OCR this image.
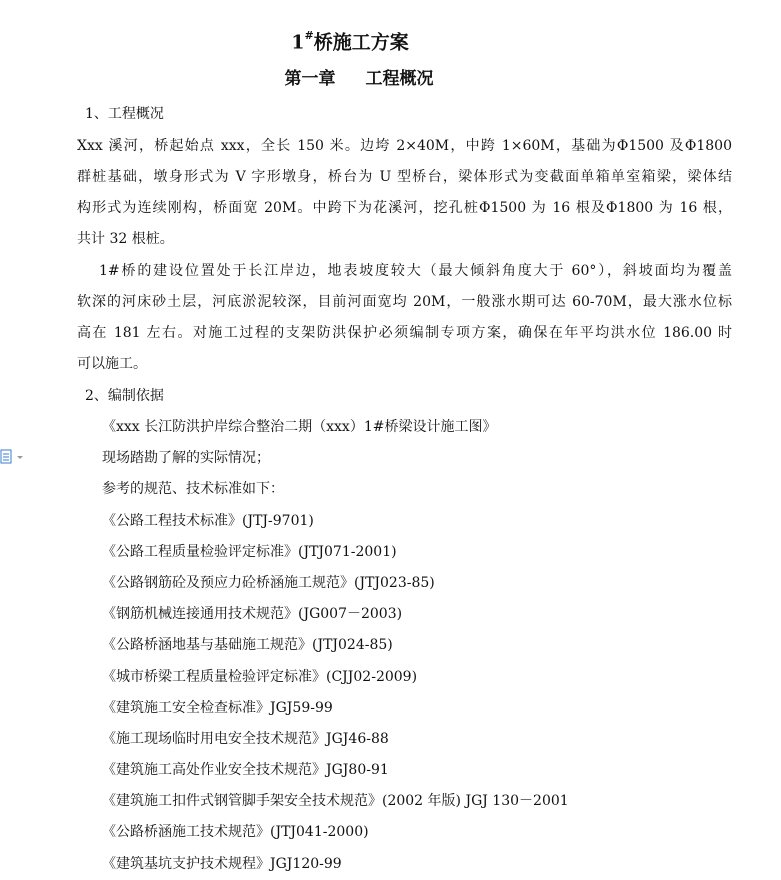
1#桥施工方案
第一章 工程概况
1、工程概况
Xxx 溪河，桥起始点 xxx，全长 150 米。边垮 2×40M，中跨 1×60M，基础为Φ1500 及Φ1800
群桩基础，墩身形式为 V 字形墩身，桥台为 U 型桥台，梁体形式为变截面单箱单室箱梁，梁体结
构形式为连续刚构，桥面宽 20M。中跨下为花溪河，挖孔桩Φ1500 为 16 根及Φ1800 为 16 根，
共计 32 根桩。
1#桥的建设位置处于长江岸边，地表坡度较大（最大倾斜角度大于 60°），斜坡面均为覆盖
软深的河床砂土层，河底淤泥较深，目前河面宽均 20M，一般涨水期可达 60-70M，最大涨水位标
高在 181 左右。对施工过程的支架防洪保护必须编制专项方案，确保在年平均洪水位 186.00 时
可以施工。
2、编制依据
《xxx 长江防洪护岸综合整治二期（xxx）1#桥梁设计施工图》
现场踏勘了解的实际情况；
参考的规范、技术标准如下：
《公路工程技术标准》(JTJ-9701)
《公路工程质量检验评定标准》(JTJ071-2001)
《公路钢筋砼及预应力砼桥涵施工规范》(JTJ023-85)
《钢筋机械连接通用技术规范》(JG007－2003)
《公路桥涵地基与基础施工规范》(JTJ024-85)
《城市桥梁工程质量检验评定标准》(CJJ02-2009)
《建筑施工安全检查标准》JGJ59-99
《施工现场临时用电安全技术规范》JGJ46-88
《建筑施工高处作业安全技术规范》JGJ80-91
《建筑施工扣件式钢管脚手架安全技术规范》(2002 年版) JGJ 130－2001
《公路桥涵施工技术规范》(JTJ041-2000)
《建筑基坑支护技术规程》JGJ120-99
